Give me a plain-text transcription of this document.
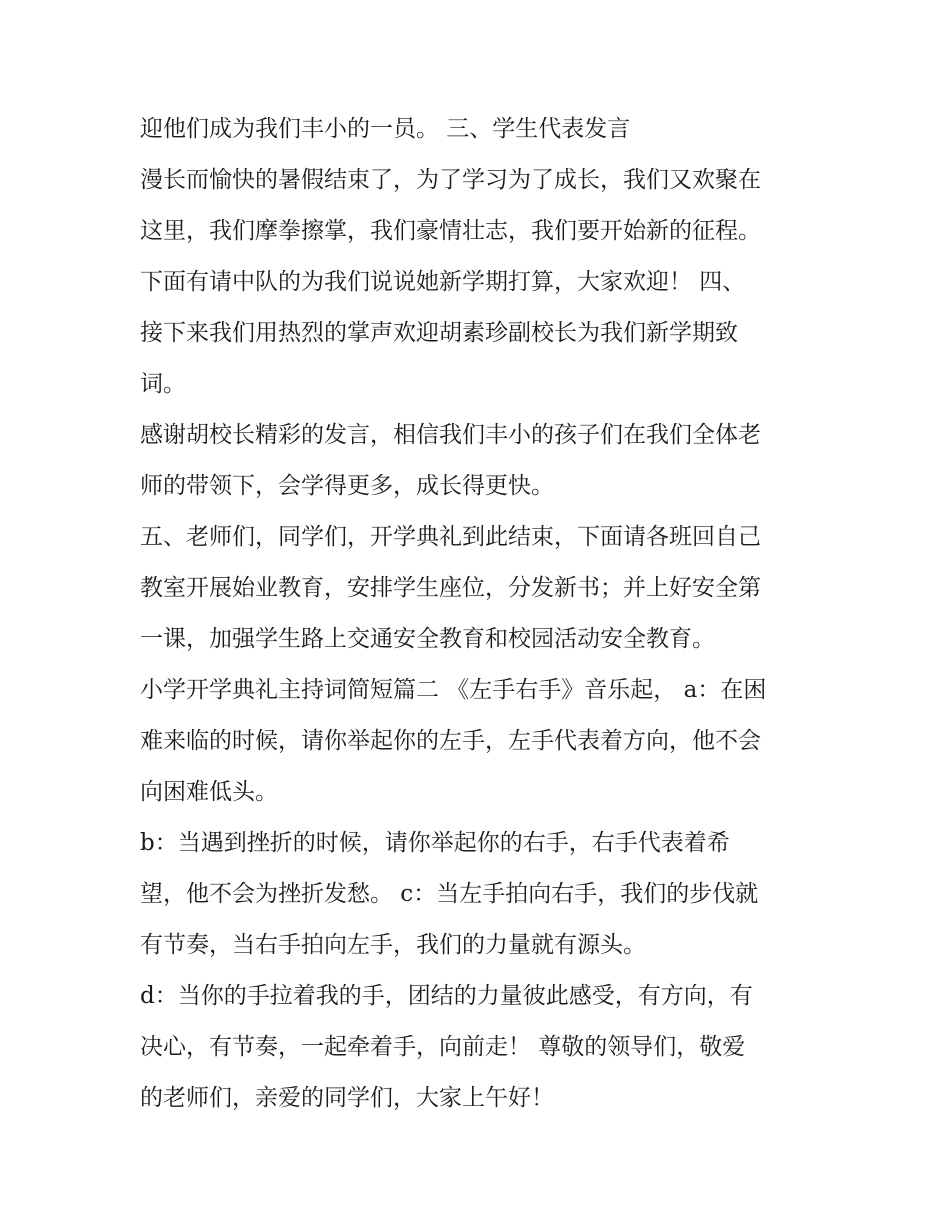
迎他们成为我们丰小的一员。 三、学生代表发言
漫长而愉快的暑假结束了，为了学习为了成长，我们又欢聚在
这里，我们摩拳擦掌，我们豪情壮志，我们要开始新的征程。
下面有请中队的为我们说说她新学期打算，大家欢迎！ 四、
接下来我们用热烈的掌声欢迎胡素珍副校长为我们新学期致
词。
感谢胡校长精彩的发言，相信我们丰小的孩子们在我们全体老
师的带领下，会学得更多，成长得更快。
五、老师们，同学们，开学典礼到此结束，下面请各班回自己
教室开展始业教育，安排学生座位，分发新书；并上好安全第
一课，加强学生路上交通安全教育和校园活动安全教育。
小学开学典礼主持词简短篇二 《左手右手》音乐起， a：在困
难来临的时候，请你举起你的左手，左手代表着方向，他不会
向困难低头。
b：当遇到挫折的时候，请你举起你的右手，右手代表着希
望，他不会为挫折发愁。 c：当左手拍向右手，我们的步伐就
有节奏，当右手拍向左手，我们的力量就有源头。
d：当你的手拉着我的手，团结的力量彼此感受，有方向，有
决心，有节奏，一起牵着手，向前走！ 尊敬的领导们，敬爱
的老师们，亲爱的同学们，大家上午好！
